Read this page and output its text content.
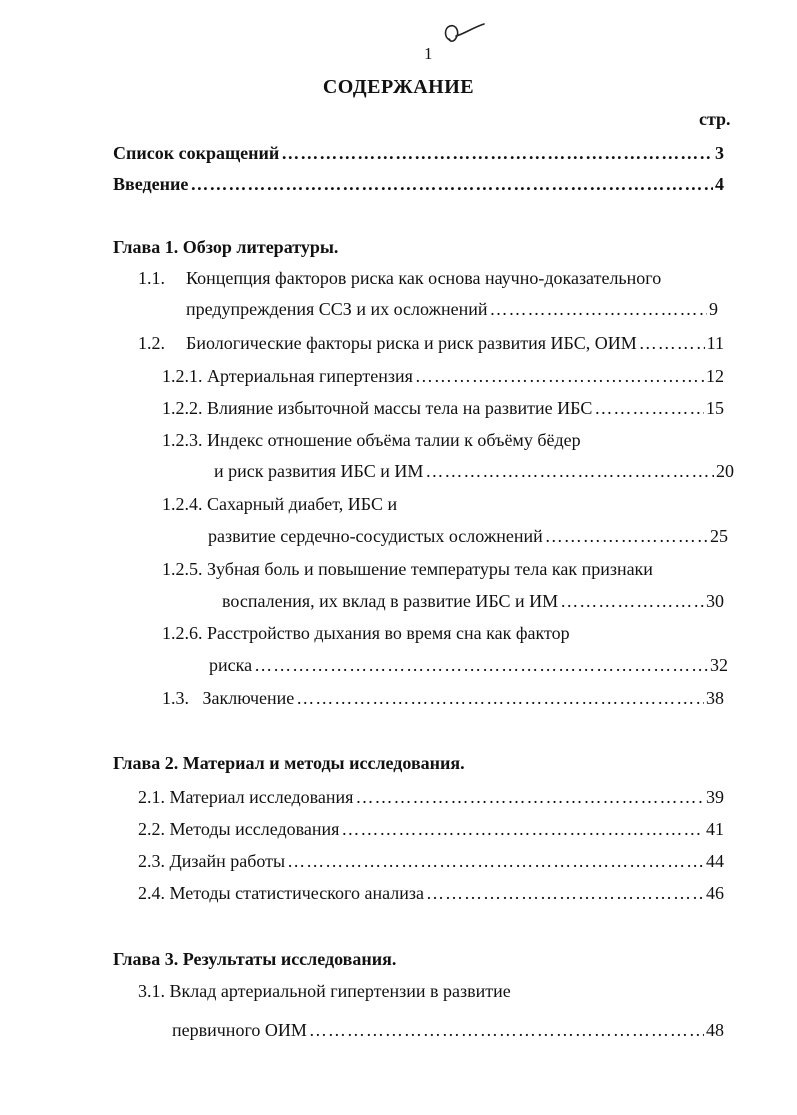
1
СОДЕРЖАНИЕ
стр.
Список сокращений ……………………………………………………………………………………………………………………………………………………………………	3
Введение ……………………………………………………………………………………………………………………………………………………………………	4
Глава 1. Обзор литературы.
1.1. Концепция факторов риска как основа научно-доказательного
предупреждения ССЗ и их осложнений ……………………………………………………………………………………………………………………………………………………………………	9
1.2. Биологические факторы риска и риск развития ИБС, ОИМ ……………………………………………………………………………………………………………………………………………………………………	11
1.2.1. Артериальная гипертензия ……………………………………………………………………………………………………………………………………………………………………	12
1.2.2. Влияние избыточной массы тела на развитие ИБС ……………………………………………………………………………………………………………………………………………………………………	15
1.2.3. Индекс отношение объёма талии к объёму бёдер
и риск развития ИБС и ИМ ……………………………………………………………………………………………………………………………………………………………………	20
1.2.4. Сахарный диабет, ИБС и
развитие сердечно-сосудистых осложнений ……………………………………………………………………………………………………………………………………………………………………	25
1.2.5. Зубная боль и повышение температуры тела как признаки
воспаления, их вклад в развитие ИБС и ИМ ……………………………………………………………………………………………………………………………………………………………………	30
1.2.6. Расстройство дыхания во время сна как фактор
риска ……………………………………………………………………………………………………………………………………………………………………	32
1.3.   Заключение ……………………………………………………………………………………………………………………………………………………………………	38
Глава 2. Материал и методы исследования.
2.1. Материал исследования ……………………………………………………………………………………………………………………………………………………………………	39
2.2. Методы исследования ……………………………………………………………………………………………………………………………………………………………………	41
2.3. Дизайн работы ……………………………………………………………………………………………………………………………………………………………………	44
2.4. Методы статистического анализа ……………………………………………………………………………………………………………………………………………………………………	46
Глава 3. Результаты исследования.
3.1. Вклад артериальной гипертензии в развитие
первичного ОИМ ……………………………………………………………………………………………………………………………………………………………………	48
